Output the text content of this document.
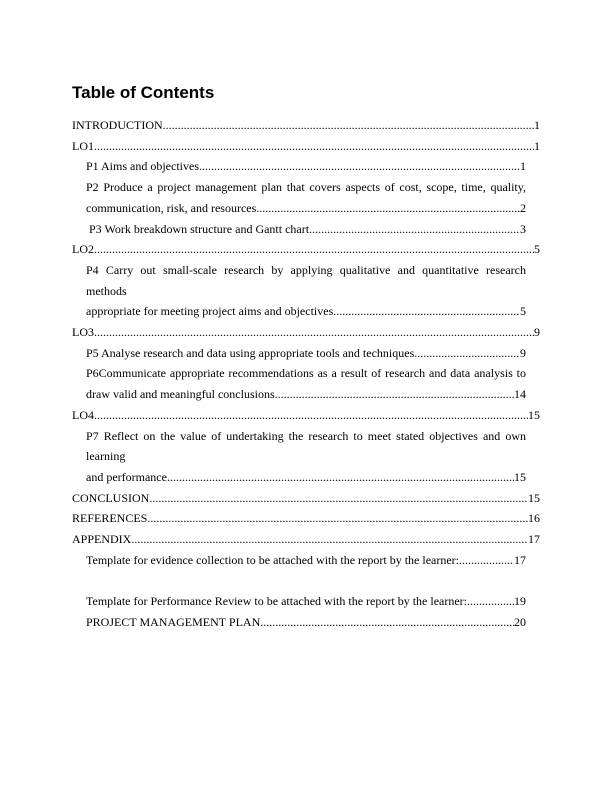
Table of Contents
INTRODUCTION .....	1
LO1 .....	1
P1 Aims and objectives .....	1
P2 Produce a project management plan that covers aspects of cost, scope, time, quality,
communication, risk, and resources. .....	2
P3 Work breakdown structure and Gantt chart .....	3
LO2 .....	5
P4 Carry out small-scale research by applying qualitative and quantitative research methods
appropriate for meeting project aims and objectives. .....	5
LO3 .....	9
P5 Analyse research and data using appropriate tools and techniques. .....	9
P6Communicate appropriate recommendations as a result of research and data analysis to
draw valid and meaningful conclusions. .....	14
LO4 .....	15
P7 Reflect on the value of undertaking the research to meet stated objectives and own learning
and performance. .....	15
CONCLUSION .....	15
REFERENCES .....	16
APPENDIX .....	17
Template for evidence collection to be attached with the report by the learner: .....	17
Template for Performance Review to be attached with the report by the learner: .....	19
PROJECT MANAGEMENT PLAN .....	20
